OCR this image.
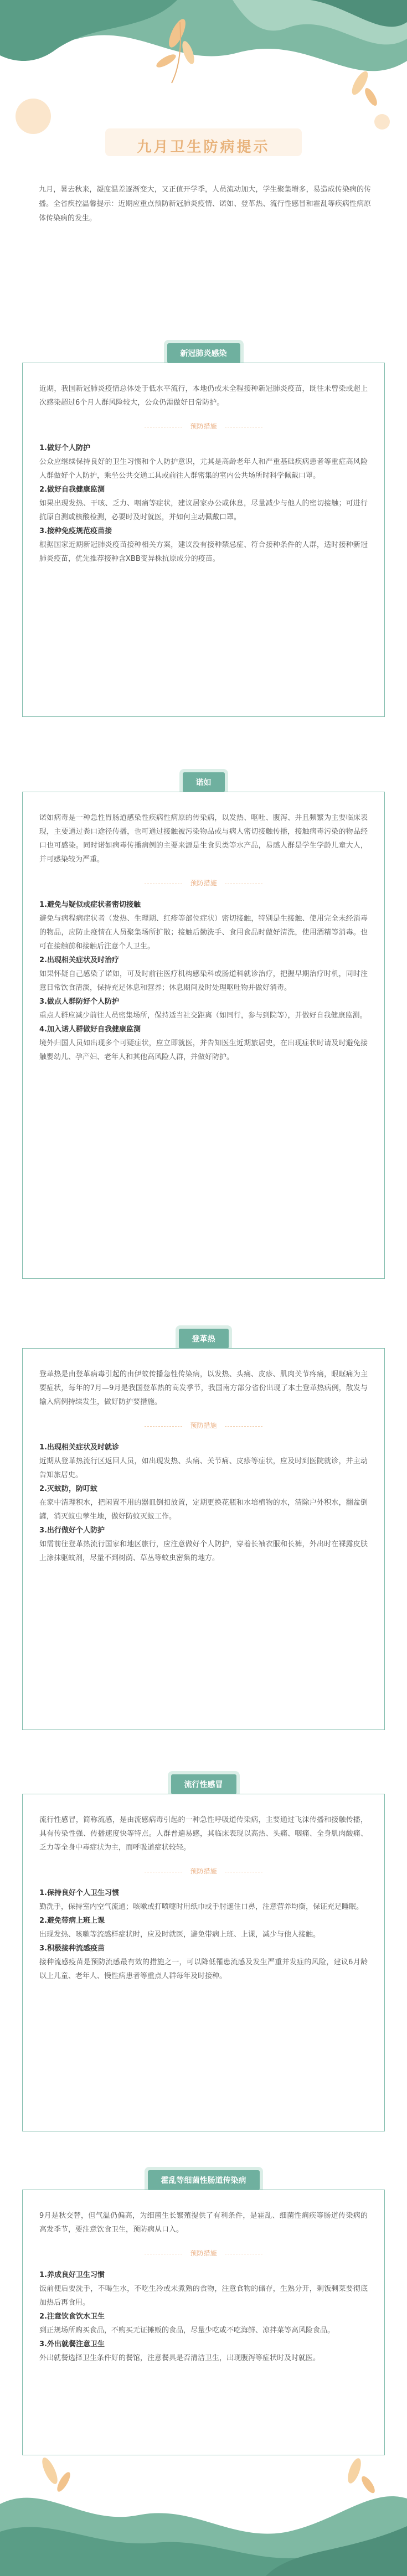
九月卫生防病提示
九月，暑去秋来，凝度温差逐渐变大，又正值开学季，人员流动加大，学生聚集增多，易造成传染病的传播。全省疾控温馨提示：近期应重点预防新冠肺炎疫情、诺如、登革热、流行性感冒和霍乱等疾病性病原体传染病的发生。
新冠肺炎感染

近期，我国新冠肺炎疫情总体处于低水平流行，本地仍或未全程接种新冠肺炎疫苗，既往未曾染或超上次感染超过6个月人群风险较大，公众仍需做好日常防护。

预防措施

1.做好个人防护

公众应继续保持良好的卫生习惯和个人防护意识，尤其是高龄老年人和严重基础疾病患者等重症高风险人群做好个人防护，乘坐公共交通工具或前往人群密集的室内公共场所时科学佩戴口罩。

2.做好自我健康监测

如果出现发热、干咳、乏力、咽痛等症状，建议居家办公或休息，尽量减少与他人的密切接触；可进行抗原自测或核酸检测，必要时及时就医，并如何主动佩戴口罩。

3.接种免疫规范疫苗接

根据国家近期新冠肺炎疫苗接种相关方案，建议没有接种禁忌症、符合接种条件的人群，适时接种新冠肺炎疫苗，优先推荐接种含XBB变异株抗原成分的疫苗。

诺如

诺如病毒是一种急性胃肠道感染性疾病性病原的传染病，以发热、呕吐、腹泻、并且频繁为主要临床表现，主要通过粪口途径传播，也可通过接触被污染物品或与病人密切接触传播，接触病毒污染的物品经口也可感染。同时诺如病毒传播病例的主要来源是生食贝类等水产品，易感人群是学生学龄儿童大人，并可感染较为严重。

预防措施

1.避免与疑似或症状者密切接触

避免与病程病症状者（发热、生理期、红疹等部位症状）密切接触，特别是生接触、使用完全未经消毒的物品，应防止疫情在人员聚集场所扩散；接触后勤洗手、食用食品时做好清洗，使用酒精等消毒。也可在接触前和接触后注意个人卫生。

2.出现相关症状及时治疗

如果怀疑自己感染了诺如，可及时前往医疗机构感染科或肠道科就诊治疗，把握早期治疗时机，同时注意日常饮食清淡，保持充足休息和营养；休息期间及时处理呕吐物并做好消毒。

3.做点人群防好个人防护

重点人群应减少前往人员密集场所，保持适当社交距离（如同行，参与到院等），并做好自我健康监测。

4.加入诺人群做好自我健康监测

境外归国人员如出现多个可疑症状，应立即就医，并告知医生近期旅居史，在出现症状时请及时避免接触婴幼儿、孕产妇、老年人和其他高风险人群，并做好防护。

登革热

登革热是由登革病毒引起的由伊蚊传播急性传染病，以发热、头痛、皮疹、肌肉关节疼痛，眼眶痛为主要症状，每年的7月—9月是我国登革热的高发季节，我国南方部分省份出现了本土登革热病例，散发与输入病例持续发生，做好防护要措施。

预防措施

1.出现相关症状及时就诊

近期从登革热流行区返回人员，如出现发热、头痛、关节痛、皮疹等症状，应及时到医院就诊，并主动告知旅居史。

2.灭蚊防，防叮蚊

在家中清理积水，把闲置不用的器皿倒扣放置，定期更换花瓶和水培植物的水，清除户外积水，翻盆倒罐，消灭蚊虫孳生地，做好防蚊灭蚊工作。

3.出行做好个人防护

如需前往登革热流行国家和地区旅行，应注意做好个人防护，穿着长袖衣服和长裤，外出时在裸露皮肤上涂抹驱蚊剂，尽量不到树荫、草丛等蚊虫密集的地方。

流行性感冒

流行性感冒，简称流感，是由流感病毒引起的一种急性呼吸道传染病，主要通过飞沫传播和接触传播，具有传染性强、传播速度快等特点。人群普遍易感，其临床表现以高热、头痛、咽痛、全身肌肉酸痛、乏力等全身中毒症状为主，而呼吸道症状较轻。

预防措施

1.保持良好个人卫生习惯

勤洗手，保持室内空气流通；咳嗽或打喷嚏时用纸巾或手肘遮住口鼻，注意营养均衡，保证充足睡眠。

2.避免带病上班上课

出现发热、咳嗽等流感样症状时，应及时就医，避免带病上班、上课，减少与他人接触。

3.积极接种流感疫苗

接种流感疫苗是预防流感最有效的措施之一，可以降低罹患流感及发生严重并发症的风险，建议6月龄以上儿童、老年人、慢性病患者等重点人群每年及时接种。

霍乱等细菌性肠道传染病

9月是秋交替，但气温仍偏高，为细菌生长繁殖提供了有利条件，是霍乱、细菌性痢疾等肠道传染病的高发季节，要注意饮食卫生，预防病从口入。

预防措施

1.养成良好卫生习惯

饭前便后要洗手，不喝生水，不吃生冷或未煮熟的食物，注意食物的储存，生熟分开，剩饭剩菜要彻底加热后再食用。

2.注意饮食饮水卫生

到正规场所购买食品，不购买无证摊贩的食品，尽量少吃或不吃海鲜、凉拌菜等高风险食品。

3.外出就餐注意卫生

外出就餐选择卫生条件好的餐馆，注意餐具是否清洁卫生，出现腹泻等症状时及时就医。
